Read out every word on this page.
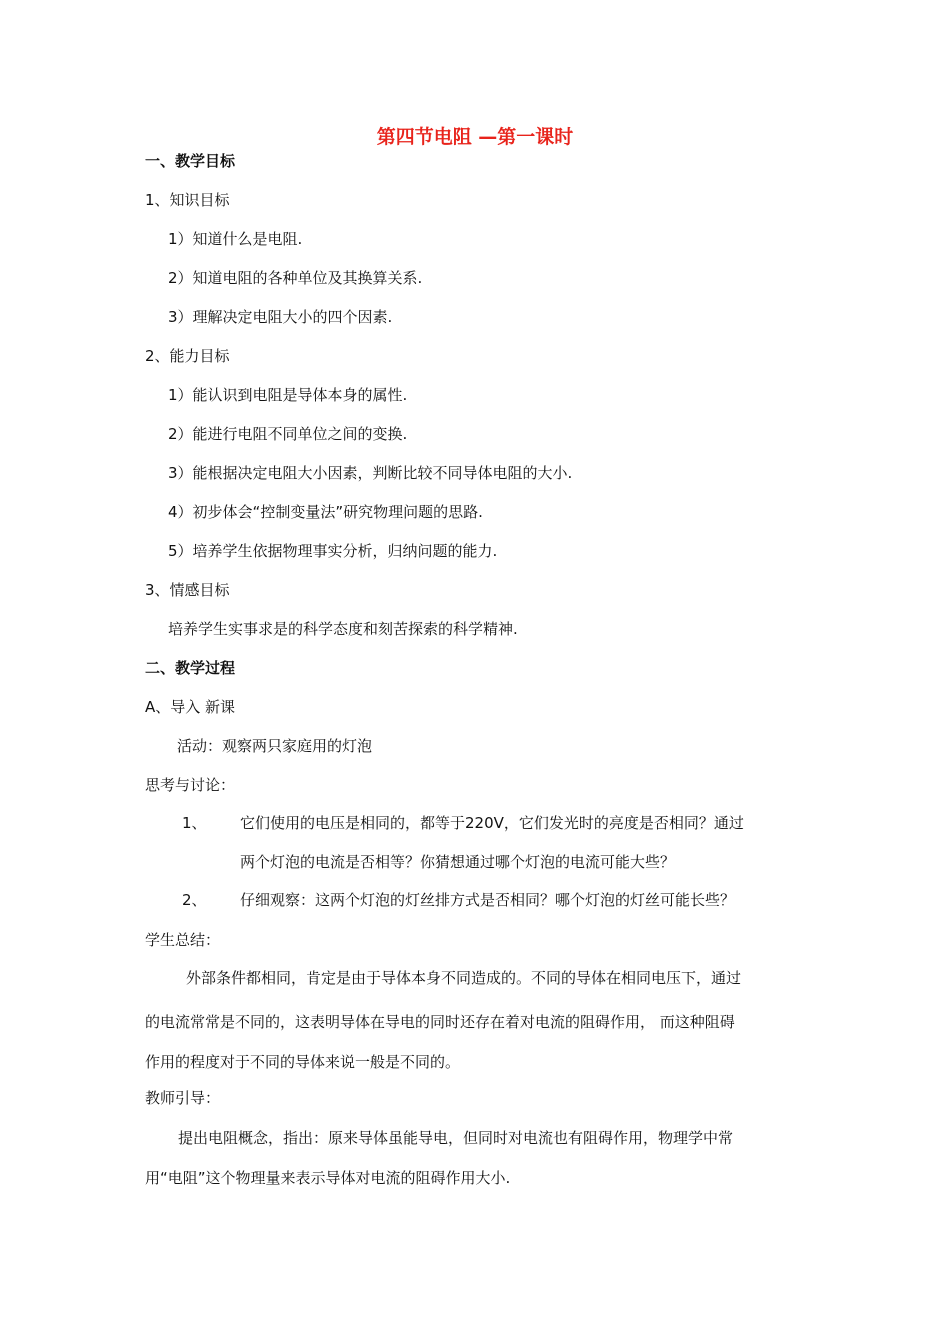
第四节电阻 —第一课时
一、教学目标
1、知识目标
1）知道什么是电阻.
2）知道电阻的各种单位及其换算关系.
3）理解决定电阻大小的四个因素.
2、能力目标
1）能认识到电阻是导体本身的属性.
2）能进行电阻不同单位之间的变换.
3）能根据决定电阻大小因素，判断比较不同导体电阻的大小.
4）初步体会“控制变量法”研究物理问题的思路.
5）培养学生依据物理事实分析，归纳问题的能力.
3、情感目标
培养学生实事求是的科学态度和刻苦探索的科学精神.
二、教学过程
A、导入 新课
活动：观察两只家庭用的灯泡
思考与讨论：
1、 它们使用的电压是相同的，都等于220V，它们发光时的亮度是否相同？通过
两个灯泡的电流是否相等？你猜想通过哪个灯泡的电流可能大些？
2、 仔细观察：这两个灯泡的灯丝排方式是否相同？哪个灯泡的灯丝可能长些？
学生总结：
外部条件都相同，肯定是由于导体本身不同造成的。不同的导体在相同电压下，通过
的电流常常是不同的，这表明导体在导电的同时还存在着对电流的阻碍作用， 而这种阻碍
作用的程度对于不同的导体来说一般是不同的。
教师引导：
提出电阻概念，指出：原来导体虽能导电，但同时对电流也有阻碍作用，物理学中常
用“电阻”这个物理量来表示导体对电流的阻碍作用大小.
